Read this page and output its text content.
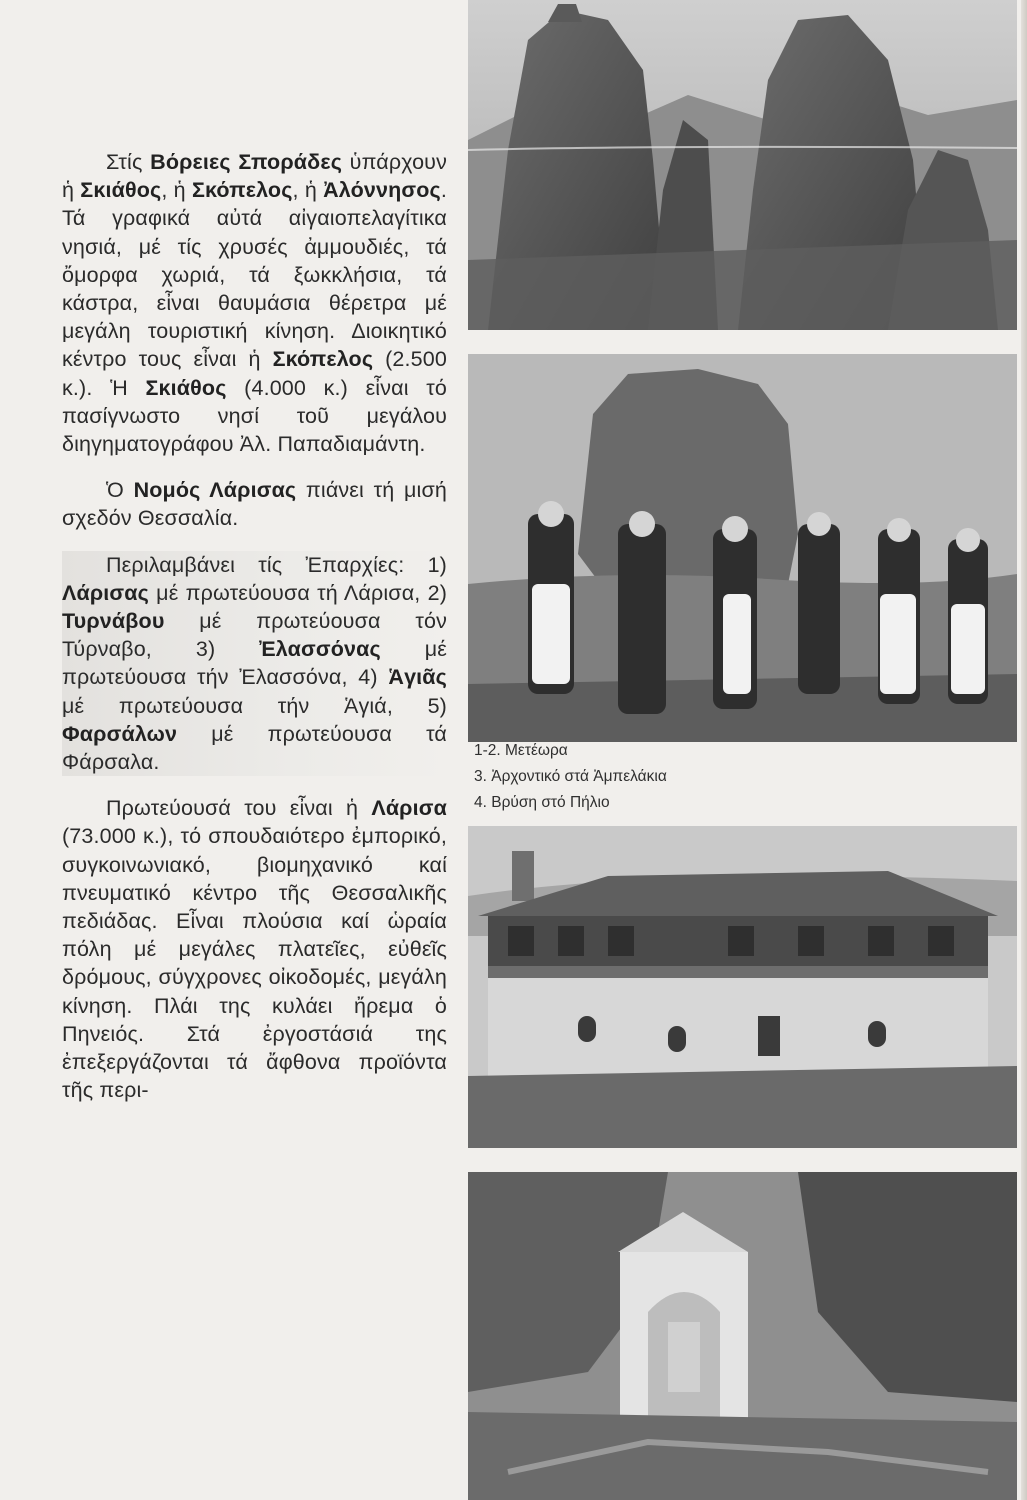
Στίς Βόρειες Σποράδες ὑπάρχουν ἡ Σκιάθος, ἡ Σκόπελος, ἡ Ἀλόννησος. Τά γραφικά αὐτά αἰγαιοπελαγίτικα νησιά, μέ τίς χρυσές ἀμμουδιές, τά ὄμορφα χωριά, τά ξωκκλήσια, τά κάστρα, εἶναι θαυμάσια θέρετρα μέ μεγάλη τουριστική κίνηση. Διοικητικό κέντρο τους εἶναι ἡ Σκόπελος (2.500 κ.). Ἡ Σκιάθος (4.000 κ.) εἶναι τό πασίγνωστο νησί τοῦ μεγάλου διηγηματογράφου Ἀλ. Παπαδιαμάντη.

Ὁ Νομός Λάρισας πιάνει τή μισή σχεδόν Θεσσαλία.

Περιλαμβάνει τίς Ἐπαρχίες: 1) Λάρισας μέ πρωτεύουσα τή Λάρισα, 2) Τυρνάβου μέ πρωτεύουσα τόν Τύρναβο, 3) Ἐλασσόνας μέ πρωτεύουσα τήν Ἐλασσόνα, 4) Ἁγιᾶς μέ πρωτεύουσα τήν Ἁγιά, 5) Φαρσάλων μέ πρωτεύουσα τά Φάρσαλα.

Πρωτεύουσά του εἶναι ἡ Λάρισα (73.000 κ.), τό σπουδαιότερο ἐμπορικό, συγκοινωνιακό, βιομηχανικό καί πνευματικό κέντρο τῆς Θεσσαλικῆς πεδιάδας. Εἶναι πλούσια καί ὡραία πόλη μέ μεγάλες πλατεῖες, εὐθεῖς δρόμους, σύγχρονες οἰκοδομές, μεγάλη κίνηση. Πλάι της κυλάει ἤρεμα ὁ Πηνειός. Στά ἐργοστάσιά της ἐπεξεργάζονται τά ἄφθονα προϊόντα τῆς περι-

1-2. Μετέωρα
3. Ἀρχοντικό στά Ἀμπελάκια
4. Βρύση στό Πήλιο
